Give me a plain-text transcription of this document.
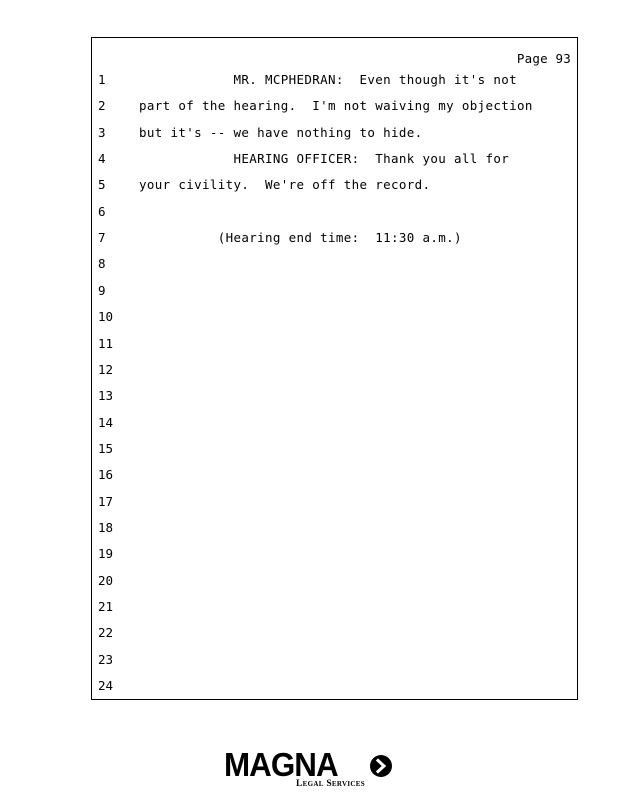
Page 93
1	MR. MCPHEDRAN:  Even though it's not
2	part of the hearing.  I'm not waiving my objection
3	but it's -- we have nothing to hide.
4	HEARING OFFICER:  Thank you all for
5	your civility.  We're off the record.
6
7	(Hearing end time:  11:30 a.m.)
8
9
10
11
12
13
14
15
16
17
18
19
20
21
22
23
24
MAGNA
Legal Services
